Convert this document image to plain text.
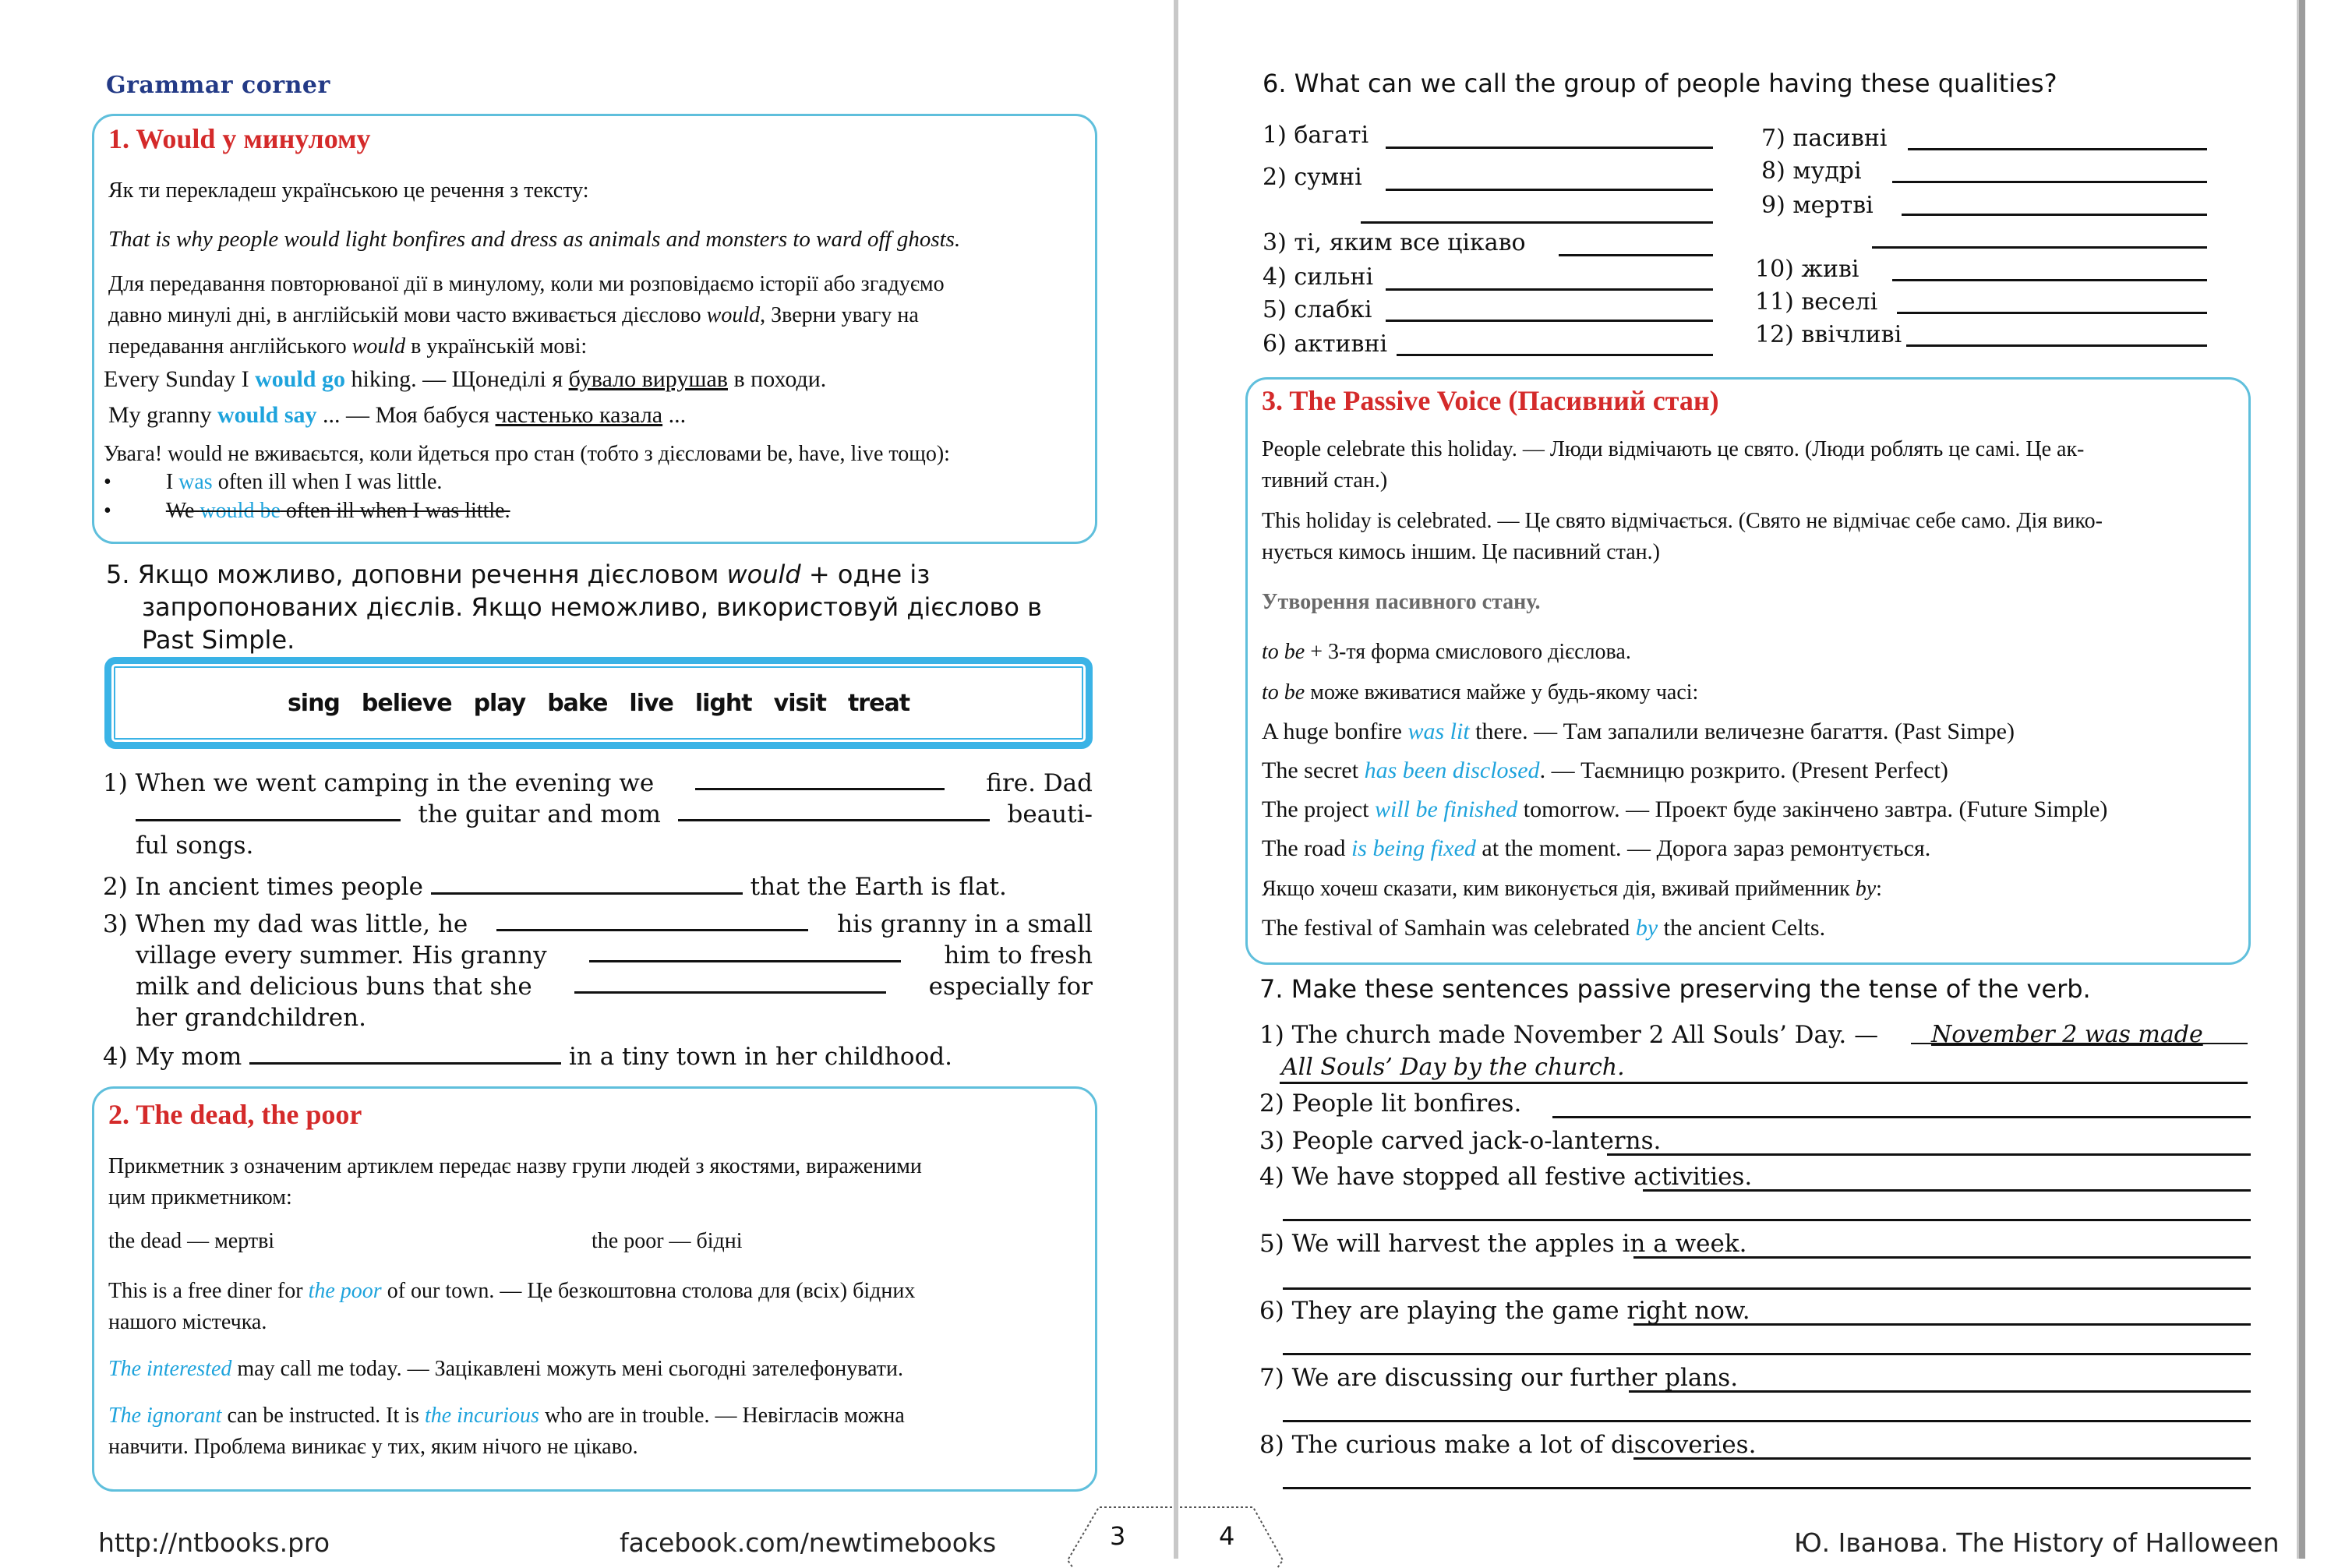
Grammar corner
1. Would у минулому
Як ти перекладеш українською це речення з тексту:
That is why people would light bonfires and dress as animals and monsters to ward off ghosts.
Для передавання повторюваної дії в минулому, коли ми розповідаємо історії або згадуємо
давно минулі дні, в англійській мови часто вживається дієслово would, Зверни увагу на
передавання англійського would в українській мові:
Every Sunday I would go hiking. — Щонеділі я бувало вирушав в походи.
My granny would say ... — Моя бабуся частенько казала ...
Увага! would не вживаєьтся, коли йдеться про стан (тобто з дієсловами be, have, live тощо):
•	I was often ill when I was little.
•	We would be often ill when I was little.
5. Якщо можливо, доповни речення дієсловом would + одне із
запропонованих дієслів. Якщо неможливо, використовуй дієслово в
Past Simple.
sing believe play bake live light visit treat
1) When we went camping in the evening we	fire. Dad
the guitar and mom	beauti-
ful songs.
2) In ancient times people	that the Earth is flat.
3) When my dad was little, he	his granny in a small
village every summer. His granny	him to fresh
milk and delicious buns that she	especially for
her grandchildren.
4) My mom	in a tiny town in her childhood.
2. The dead, the poor
Прикметник з означеним артиклем передає назву групи людей з якостями, вираженими
цим прикметником:
the dead — мертві	the poor — бідні
This is a free diner for the poor of our town. — Це безкоштовна столова для (всіх) бідних
нашого містечка.
The interested may call me today. — Зацікавлені можуть мені сьогодні зателефонувати.
The ignorant can be instructed. It is the incurious who are in trouble. — Невігласів можна
навчити. Проблема виникає у тих, яким нічого не цікаво.
http://ntbooks.pro	facebook.com/newtimebooks	3
6. What can we call the group of people having these qualities?
1) багаті
2) сумні
3) ті, яким все цікаво
4) сильні
5) слабкі
6) активні
7) пасивні
8) мудрі
9) мертві
10) живі
11) веселі
12) ввічливі
3. The Passive Voice (Пасивний стан)
People celebrate this holiday. — Люди відмічають це свято. (Люди роблять це самі. Це ак-
тивний стан.)
This holiday is celebrated. — Це свято відмічається. (Свято не відмічає себе само. Дія вико-
нується кимось іншим. Це пасивний стан.)
Утворення пасивного стану.
to be + 3-тя форма смислового дієслова.
to be може вживатися майже у будь-якому часі:
A huge bonfire was lit there. — Там запалили величезне багаття. (Past Simpe)
The secret has been disclosed. — Таємницю розкрито. (Present Perfect)
The project will be finished tomorrow. — Проект буде закінчено завтра. (Future Simple)
The road is being fixed at the moment. — Дорога зараз ремонтується.
Якщо хочеш сказати, ким виконується дія, вживай прийменник by:
The festival of Samhain was celebrated by the ancient Celts.
7. Make these sentences passive preserving the tense of the verb.
1) The church made November 2 All Souls’ Day. — November 2 was made
All Souls’ Day by the church.
2) People lit bonfires.
3) People carved jack-o-lanterns.
4) We have stopped all festive activities.
5) We will harvest the apples in a week.
6) They are playing the game right now.
7) We are discussing our further plans.
8) The curious make a lot of discoveries.
4	Ю. Іванова. The History of Halloween
